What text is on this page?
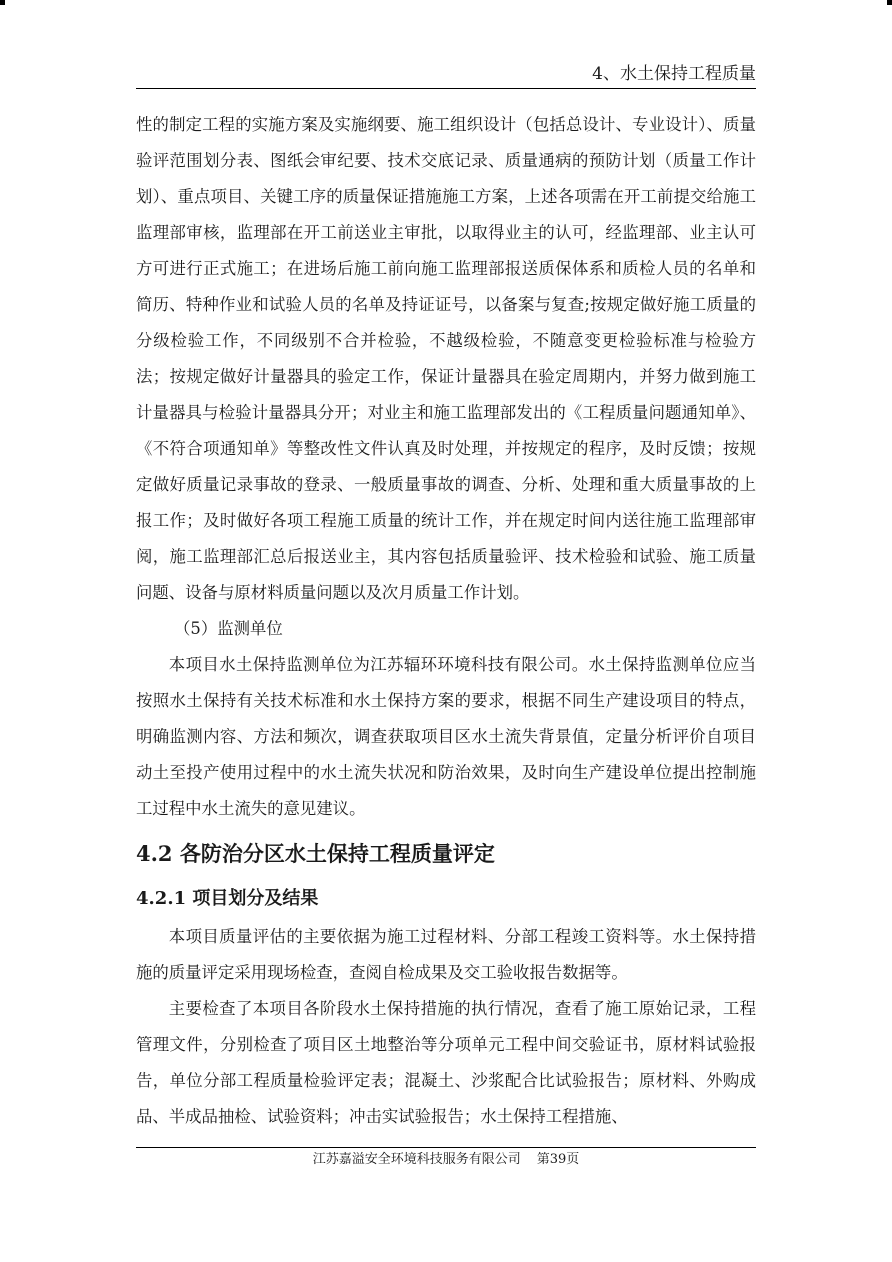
4、水土保持工程质量

性的制定工程的实施方案及实施纲要、施工组织设计（包括总设计、专业设计）、质量验评范围划分表、图纸会审纪要、技术交底记录、质量通病的预防计划（质量工作计划）、重点项目、关键工序的质量保证措施施工方案，上述各项需在开工前提交给施工监理部审核，监理部在开工前送业主审批，以取得业主的认可，经监理部、业主认可方可进行正式施工；在进场后施工前向施工监理部报送质保体系和质检人员的名单和简历、特种作业和试验人员的名单及持证证号，以备案与复查;按规定做好施工质量的分级检验工作，不同级别不合并检验，不越级检验，不随意变更检验标准与检验方法；按规定做好计量器具的验定工作，保证计量器具在验定周期内，并努力做到施工计量器具与检验计量器具分开；对业主和施工监理部发出的《工程质量问题通知单》、《不符合项通知单》等整改性文件认真及时处理，并按规定的程序，及时反馈；按规定做好质量记录事故的登录、一般质量事故的调查、分析、处理和重大质量事故的上报工作；及时做好各项工程施工质量的统计工作，并在规定时间内送往施工监理部审阅，施工监理部汇总后报送业主，其内容包括质量验评、技术检验和试验、施工质量问题、设备与原材料质量问题以及次月质量工作计划。

（5）监测单位

本项目水土保持监测单位为江苏辐环环境科技有限公司。水土保持监测单位应当按照水土保持有关技术标准和水土保持方案的要求，根据不同生产建设项目的特点，明确监测内容、方法和频次，调查获取项目区水土流失背景值，定量分析评价自项目动土至投产使用过程中的水土流失状况和防治效果，及时向生产建设单位提出控制施工过程中水土流失的意见建议。

4.2 各防治分区水土保持工程质量评定
4.2.1 项目划分及结果

本项目质量评估的主要依据为施工过程材料、分部工程竣工资料等。水土保持措施的质量评定采用现场检查，查阅自检成果及交工验收报告数据等。

主要检查了本项目各阶段水土保持措施的执行情况，查看了施工原始记录，工程管理文件，分别检查了项目区土地整治等分项单元工程中间交验证书，原材料试验报告，单位分部工程质量检验评定表；混凝土、沙浆配合比试验报告；原材料、外购成品、半成品抽检、试验资料；冲击实试验报告；水土保持工程措施、

江苏嘉溢安全环境科技服务有限公司 第39页
